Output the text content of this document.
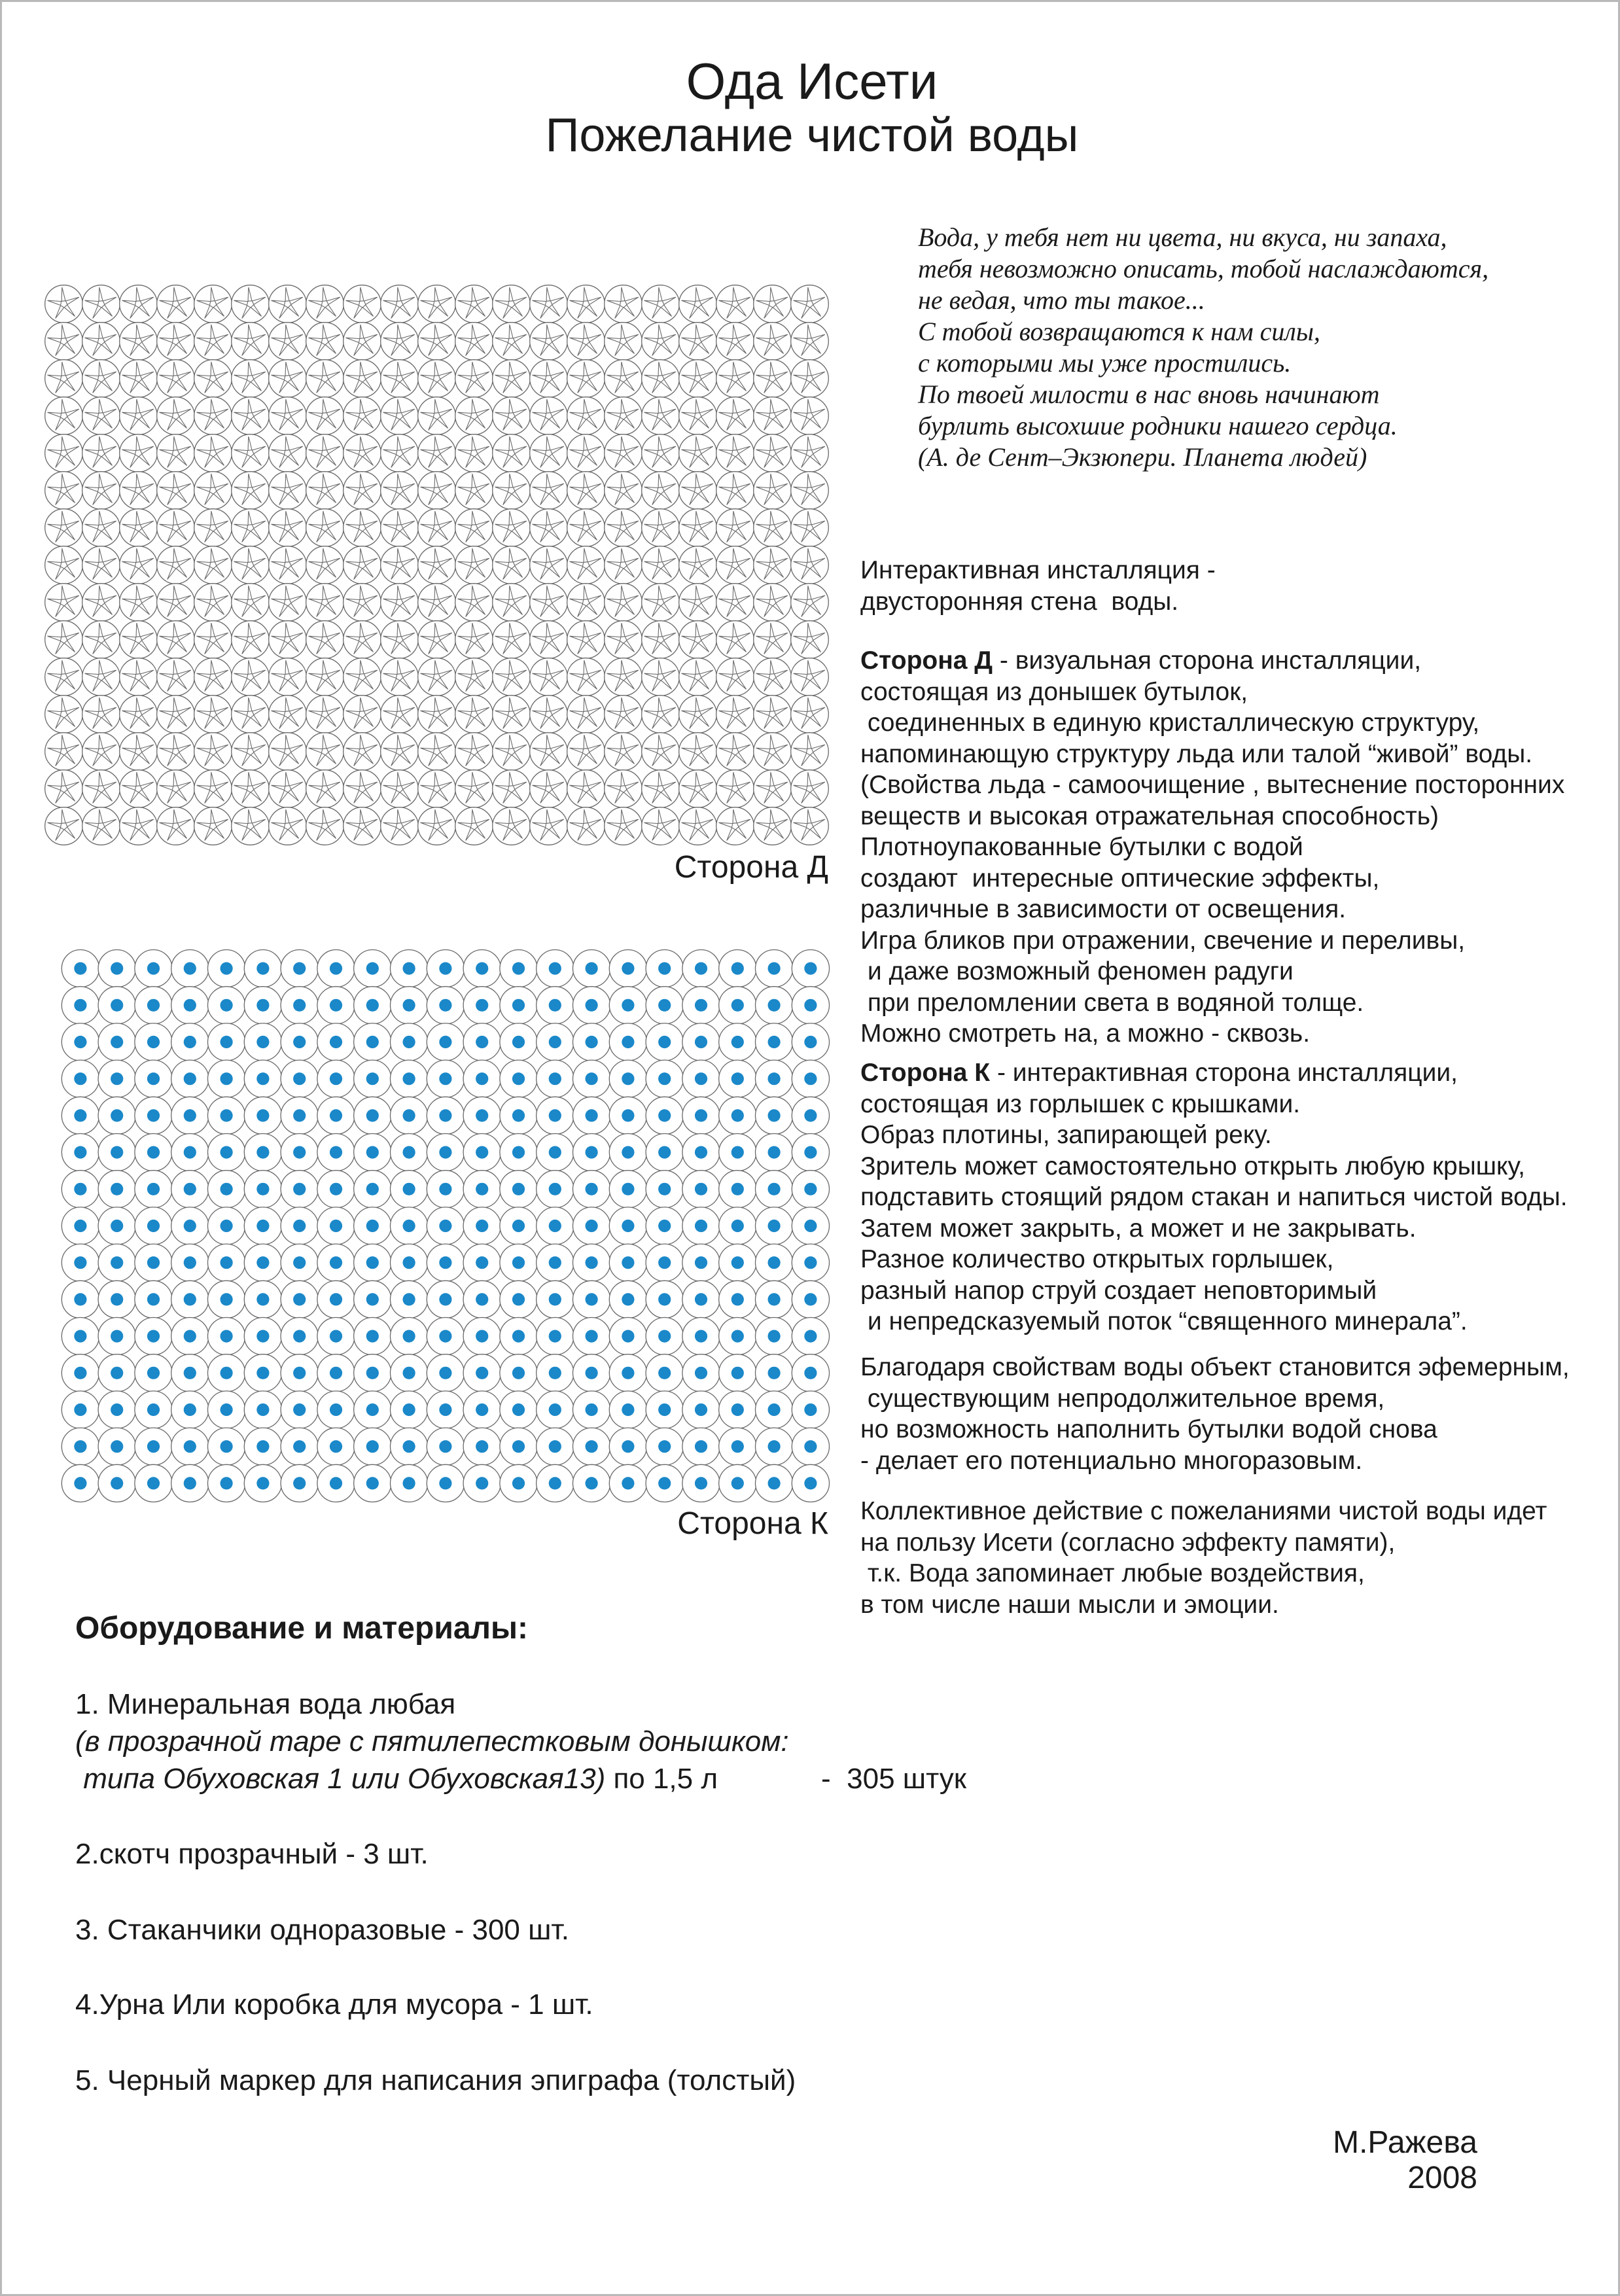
Ода Исети
Пожелание чистой воды
Вода, у тебя нет ни цвета, ни вкуса, ни запаха,
тебя невозможно описать, тобой наслаждаются,
не ведая, что ты такое...
С тобой возвращаются к нам силы,
с которыми мы уже простились.
По твоей милости в нас вновь начинают
бурлить высохшие родники нашего сердца.
(А. де Сент–Экзюпери. Планета людей)
Сторона Д
Сторона К
Интерактивная инсталляция -
двусторонняя стена  воды.
Сторона Д - визуальная сторона инсталляции,
состоящая из донышек бутылок,
соединенных в единую кристаллическую структуру,
напоминающую структуру льда или талой “живой” воды.
(Свойства льда - самоочищение , вытеснение посторонних
веществ и высокая отражательная способность)
Плотноупакованные бутылки с водой
создают  интересные оптические эффекты,
различные в зависимости от освещения.
Игра бликов при отражении, свечение и переливы,
и даже возможный феномен радуги
при преломлении света в водяной толще.
Можно смотреть на, а можно - сквозь.
Сторона К - интерактивная сторона инсталляции,
состоящая из горлышек с крышками.
Образ плотины, запирающей реку.
Зритель может самостоятельно открыть любую крышку,
подставить стоящий рядом стакан и напиться чистой воды.
Затем может закрыть, а может и не закрывать.
Разное количество открытых горлышек,
разный напор струй создает неповторимый
и непредсказуемый поток “священного минерала”.
Благодаря свойствам воды объект становится эфемерным,
существующим непродолжительное время,
но возможность наполнить бутылки водой снова
- делает его потенциально многоразовым.
Коллективное действие с пожеланиями чистой воды идет
на пользу Исети (согласно эффекту памяти),
т.к. Вода запоминает любые воздействия,
в том числе наши мысли и эмоции.
Оборудование и материалы:
1. Минеральная вода любая
(в прозрачной таре с пятилепестковым донышком:
типа Обуховская 1 или Обуховская13) по 1,5 л	-  305 штук
2.скотч прозрачный - 3 шт.
3. Стаканчики одноразовые - 300 шт.
4.Урна Или коробка для мусора - 1 шт.
5. Черный маркер для написания эпиграфа (толстый)
М.Ражева
2008
